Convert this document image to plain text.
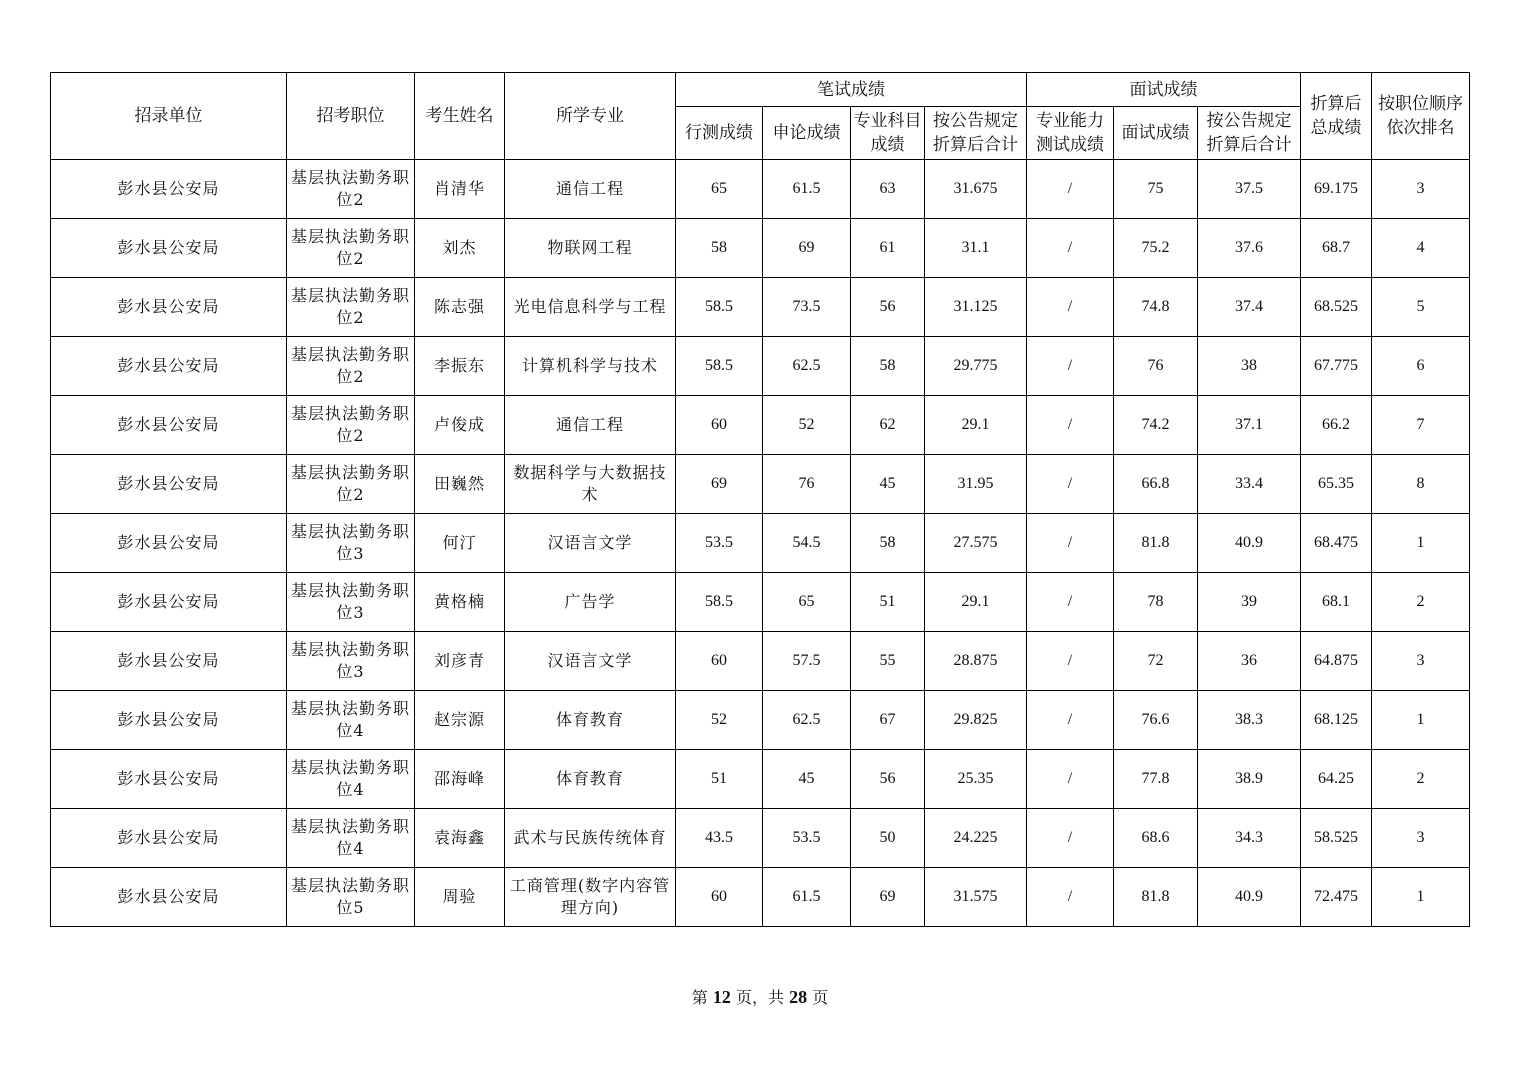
招录单位	招考职位	考生姓名	所学专业	笔试成绩				面试成绩			折算后总成绩	按职位顺序依次排名
				行测成绩	申论成绩	专业科目成绩	按公告规定折算后合计	专业能力测试成绩	面试成绩	按公告规定折算后合计		
彭水县公安局	基层执法勤务职位2	肖清华	通信工程	65	61.5	63	31.675	/	75	37.5	69.175	3
彭水县公安局	基层执法勤务职位2	刘杰	物联网工程	58	69	61	31.1	/	75.2	37.6	68.7	4
彭水县公安局	基层执法勤务职位2	陈志强	光电信息科学与工程	58.5	73.5	56	31.125	/	74.8	37.4	68.525	5
彭水县公安局	基层执法勤务职位2	李振东	计算机科学与技术	58.5	62.5	58	29.775	/	76	38	67.775	6
彭水县公安局	基层执法勤务职位2	卢俊成	通信工程	60	52	62	29.1	/	74.2	37.1	66.2	7
彭水县公安局	基层执法勤务职位2	田巍然	数据科学与大数据技术	69	76	45	31.95	/	66.8	33.4	65.35	8
彭水县公安局	基层执法勤务职位3	何汀	汉语言文学	53.5	54.5	58	27.575	/	81.8	40.9	68.475	1
彭水县公安局	基层执法勤务职位3	黄格楠	广告学	58.5	65	51	29.1	/	78	39	68.1	2
彭水县公安局	基层执法勤务职位3	刘彦青	汉语言文学	60	57.5	55	28.875	/	72	36	64.875	3
彭水县公安局	基层执法勤务职位4	赵宗源	体育教育	52	62.5	67	29.825	/	76.6	38.3	68.125	1
彭水县公安局	基层执法勤务职位4	邵海峰	体育教育	51	45	56	25.35	/	77.8	38.9	64.25	2
彭水县公安局	基层执法勤务职位4	袁海鑫	武术与民族传统体育	43.5	53.5	50	24.225	/	68.6	34.3	58.525	3
彭水县公安局	基层执法勤务职位5	周验	工商管理(数字内容管理方向)	60	61.5	69	31.575	/	81.8	40.9	72.475	1
第 12 页，共 28 页
